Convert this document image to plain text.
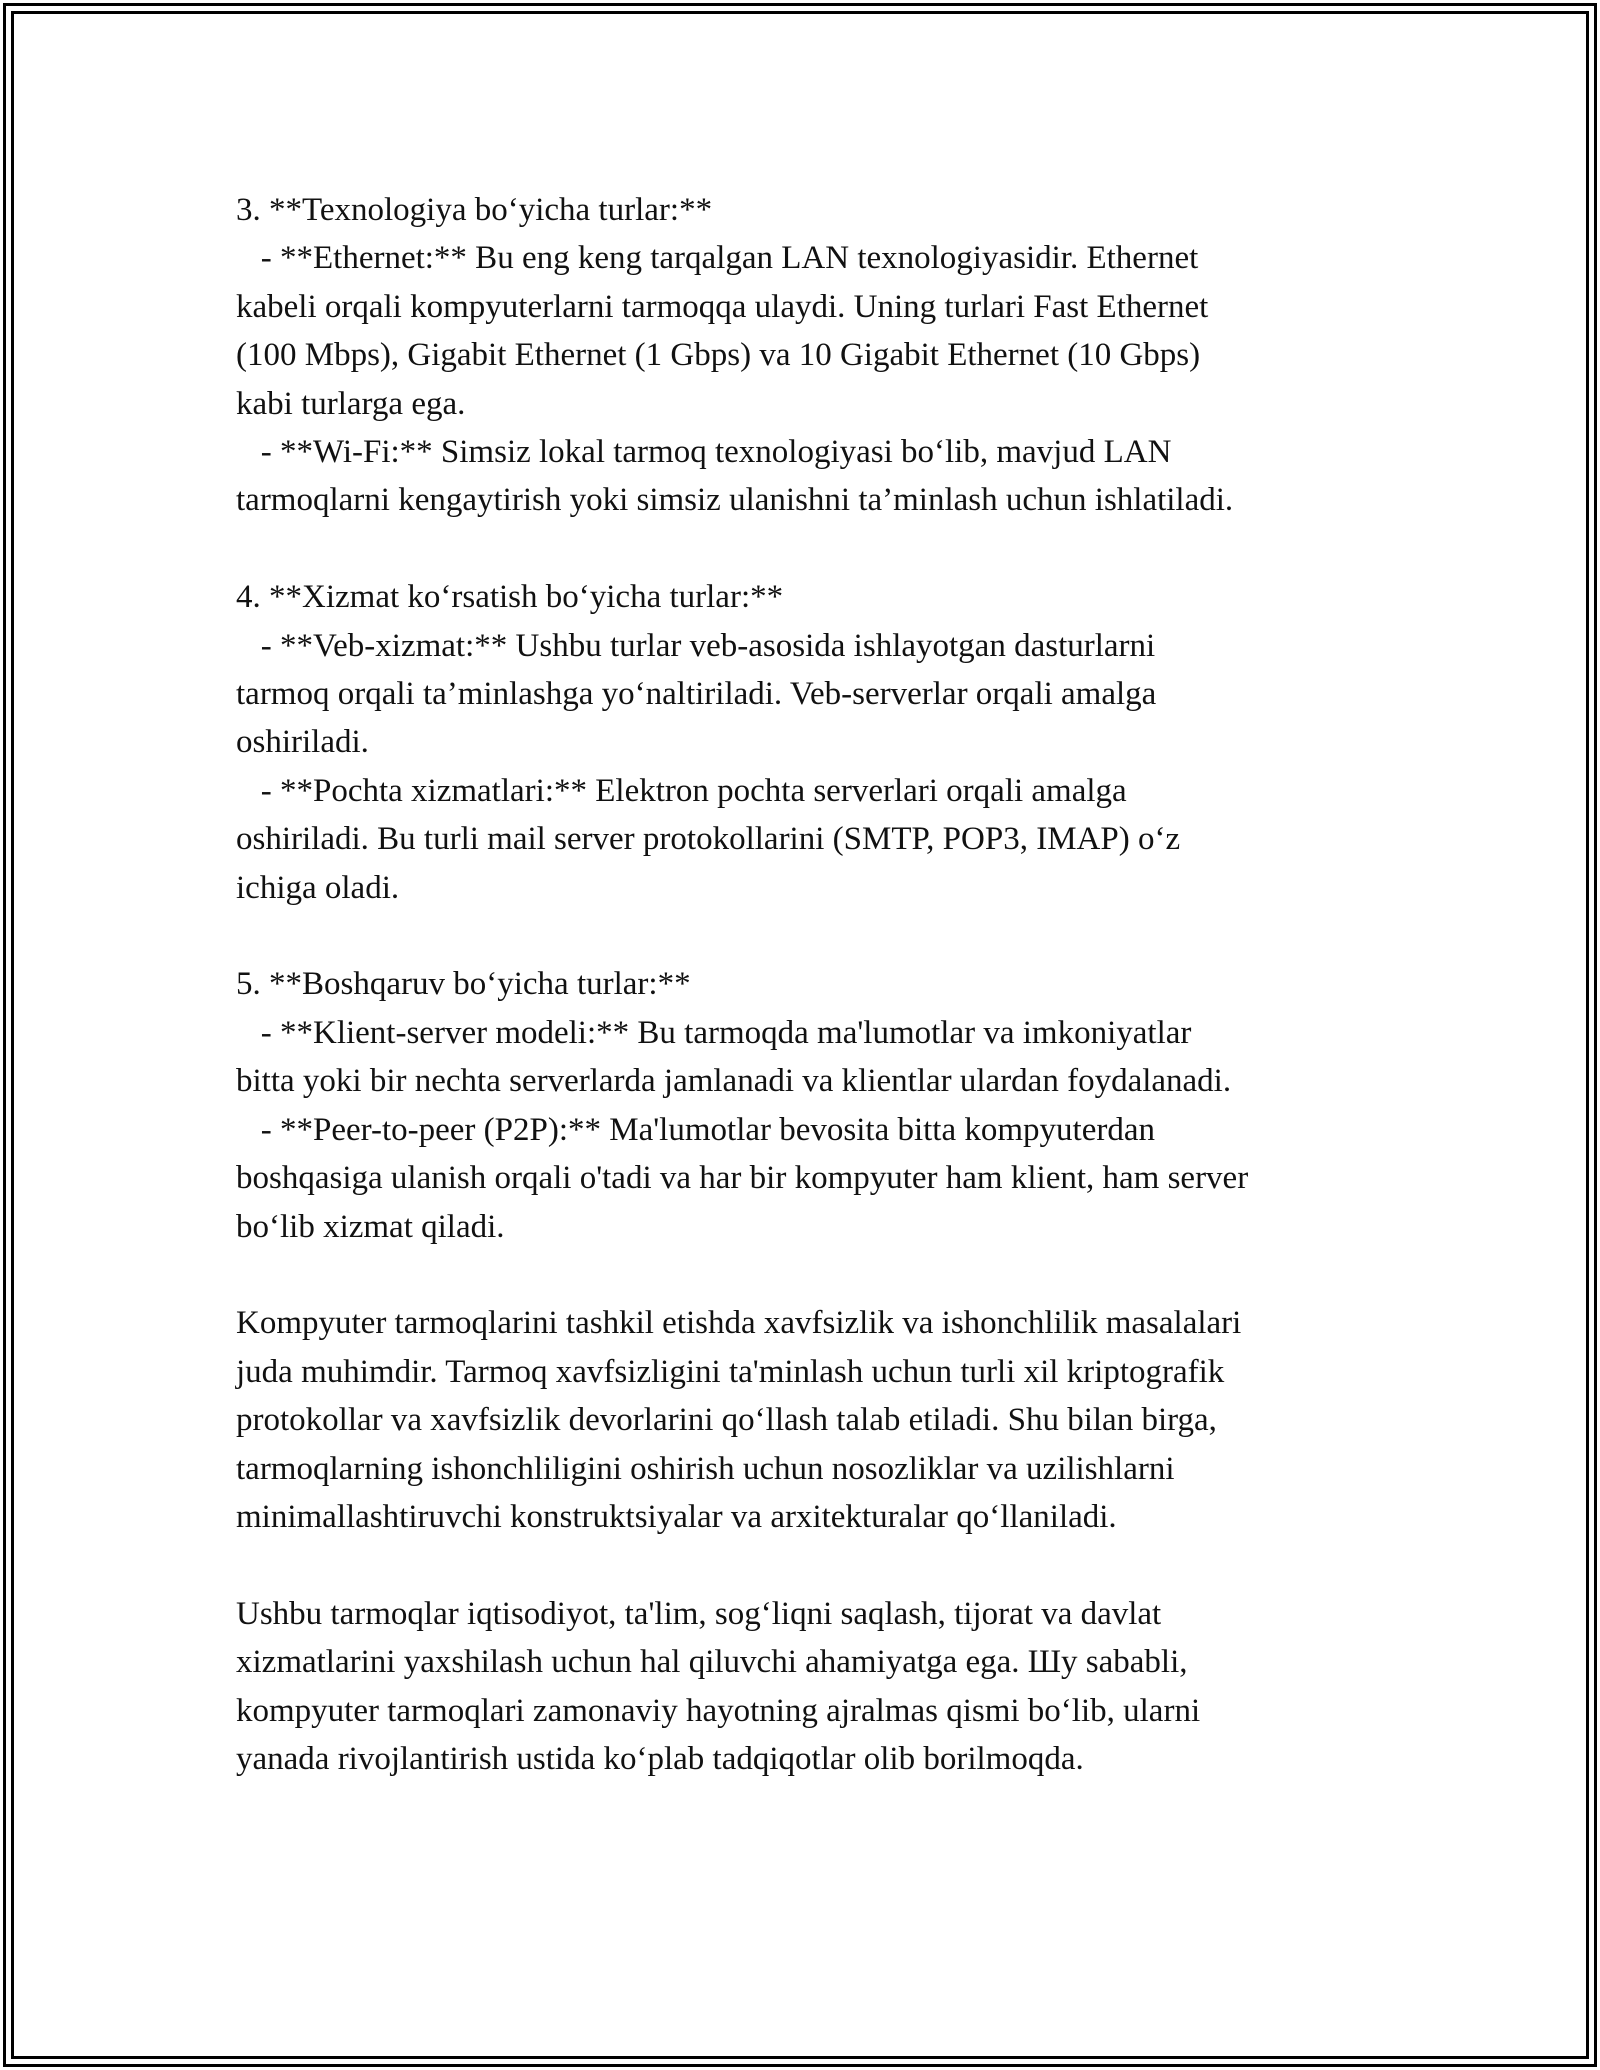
3. **Texnologiya bo‘yicha turlar:**
- **Ethernet:** Bu eng keng tarqalgan LAN texnologiyasidir. Ethernet
kabeli orqali kompyuterlarni tarmoqqa ulaydi. Uning turlari Fast Ethernet
(100 Mbps), Gigabit Ethernet (1 Gbps) va 10 Gigabit Ethernet (10 Gbps)
kabi turlarga ega.
- **Wi-Fi:** Simsiz lokal tarmoq texnologiyasi bo‘lib, mavjud LAN
tarmoqlarni kengaytirish yoki simsiz ulanishni ta’minlash uchun ishlatiladi.
4. **Xizmat ko‘rsatish bo‘yicha turlar:**
- **Veb-xizmat:** Ushbu turlar veb-asosida ishlayotgan dasturlarni
tarmoq orqali ta’minlashga yo‘naltiriladi. Veb-serverlar orqali amalga
oshiriladi.
- **Pochta xizmatlari:** Elektron pochta serverlari orqali amalga
oshiriladi. Bu turli mail server protokollarini (SMTP, POP3, IMAP) o‘z
ichiga oladi.
5. **Boshqaruv bo‘yicha turlar:**
- **Klient-server modeli:** Bu tarmoqda ma'lumotlar va imkoniyatlar
bitta yoki bir nechta serverlarda jamlanadi va klientlar ulardan foydalanadi.
- **Peer-to-peer (P2P):** Ma'lumotlar bevosita bitta kompyuterdan
boshqasiga ulanish orqali o'tadi va har bir kompyuter ham klient, ham server
bo‘lib xizmat qiladi.
Kompyuter tarmoqlarini tashkil etishda xavfsizlik va ishonchlilik masalalari
juda muhimdir. Tarmoq xavfsizligini ta'minlash uchun turli xil kriptografik
protokollar va xavfsizlik devorlarini qo‘llash talab etiladi. Shu bilan birga,
tarmoqlarning ishonchliligini oshirish uchun nosozliklar va uzilishlarni
minimallashtiruvchi konstruktsiyalar va arxitekturalar qo‘llaniladi.
Ushbu tarmoqlar iqtisodiyot, ta'lim, sog‘liqni saqlash, tijorat va davlat
xizmatlarini yaxshilash uchun hal qiluvchi ahamiyatga ega. Шу sababli,
kompyuter tarmoqlari zamonaviy hayotning ajralmas qismi bo‘lib, ularni
yanada rivojlantirish ustida ko‘plab tadqiqotlar olib borilmoqda.
